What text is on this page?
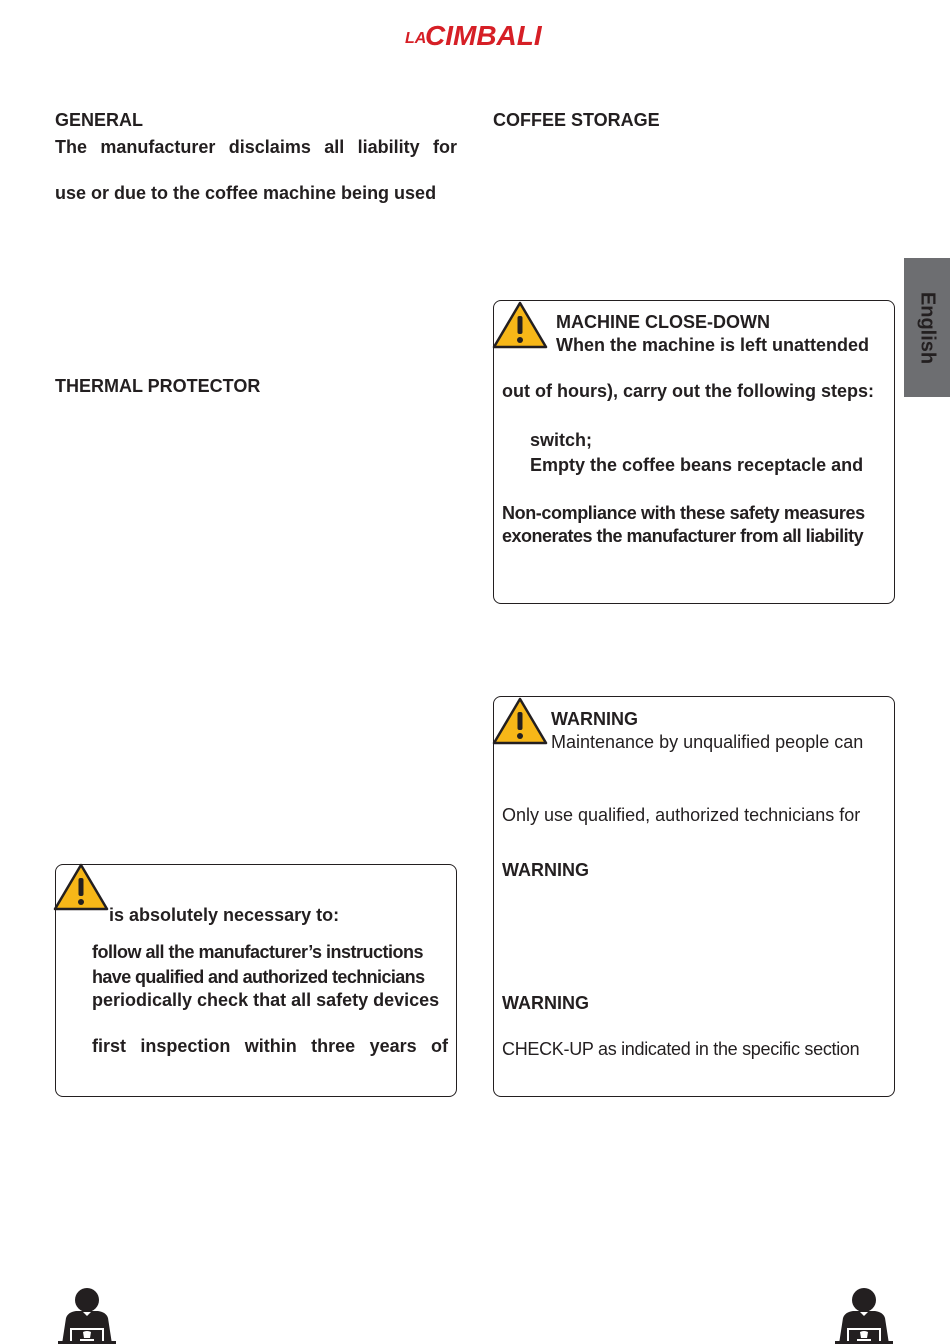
LA
CIMBALI
English
GENERAL
The manufacturer disclaims all liability for
use or due to the coffee machine being used
THERMAL PROTECTOR
is absolutely necessary to:
follow all the manufacturer’s instructions
have qualified and authorized technicians
periodically check that all safety devices
first inspection within three years of
COFFEE STORAGE
MACHINE CLOSE-DOWN
When the machine is left unattended
out of hours), carry out the following steps:
switch;
Empty the coffee beans receptacle and
Non-compliance with these safety measures
exonerates the manufacturer from all liability
WARNING
Maintenance by unqualified people can
Only use qualified, authorized technicians for
WARNING
WARNING
CHECK-UP as indicated in the specific section
